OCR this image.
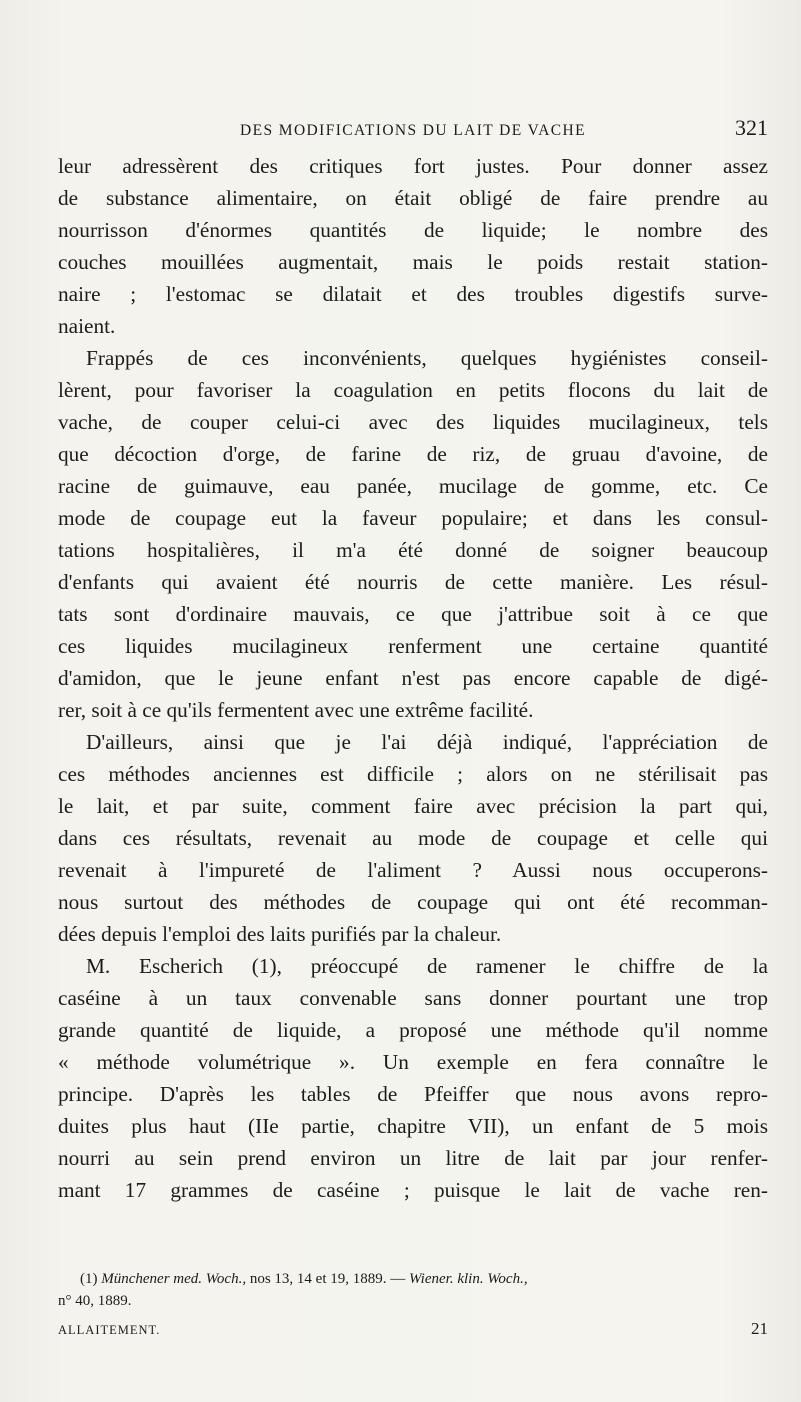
DES MODIFICATIONS DU LAIT DE VACHE	321
leur adressèrent des critiques fort justes. Pour donner assez
de substance alimentaire, on était obligé de faire prendre au
nourrisson d'énormes quantités de liquide; le nombre des
couches mouillées augmentait, mais le poids restait station-
naire ; l'estomac se dilatait et des troubles digestifs surve-
naient.
Frappés de ces inconvénients, quelques hygiénistes conseil-
lèrent, pour favoriser la coagulation en petits flocons du lait de
vache, de couper celui-ci avec des liquides mucilagineux, tels
que décoction d'orge, de farine de riz, de gruau d'avoine, de
racine de guimauve, eau panée, mucilage de gomme, etc. Ce
mode de coupage eut la faveur populaire; et dans les consul-
tations hospitalières, il m'a été donné de soigner beaucoup
d'enfants qui avaient été nourris de cette manière. Les résul-
tats sont d'ordinaire mauvais, ce que j'attribue soit à ce que
ces liquides mucilagineux renferment une certaine quantité
d'amidon, que le jeune enfant n'est pas encore capable de digé-
rer, soit à ce qu'ils fermentent avec une extrême facilité.
D'ailleurs, ainsi que je l'ai déjà indiqué, l'appréciation de
ces méthodes anciennes est difficile ; alors on ne stérilisait pas
le lait, et par suite, comment faire avec précision la part qui,
dans ces résultats, revenait au mode de coupage et celle qui
revenait à l'impureté de l'aliment ? Aussi nous occuperons-
nous surtout des méthodes de coupage qui ont été recomman-
dées depuis l'emploi des laits purifiés par la chaleur.
M. Escherich (1), préoccupé de ramener le chiffre de la
caséine à un taux convenable sans donner pourtant une trop
grande quantité de liquide, a proposé une méthode qu'il nomme
« méthode volumétrique ». Un exemple en fera connaître le
principe. D'après les tables de Pfeiffer que nous avons repro-
duites plus haut (IIe partie, chapitre VII), un enfant de 5 mois
nourri au sein prend environ un litre de lait par jour renfer-
mant 17 grammes de caséine ; puisque le lait de vache ren-
(1) Münchener med. Woch., nos 13, 14 et 19, 1889. — Wiener. klin. Woch.,
n° 40, 1889.
ALLAITEMENT.	21
